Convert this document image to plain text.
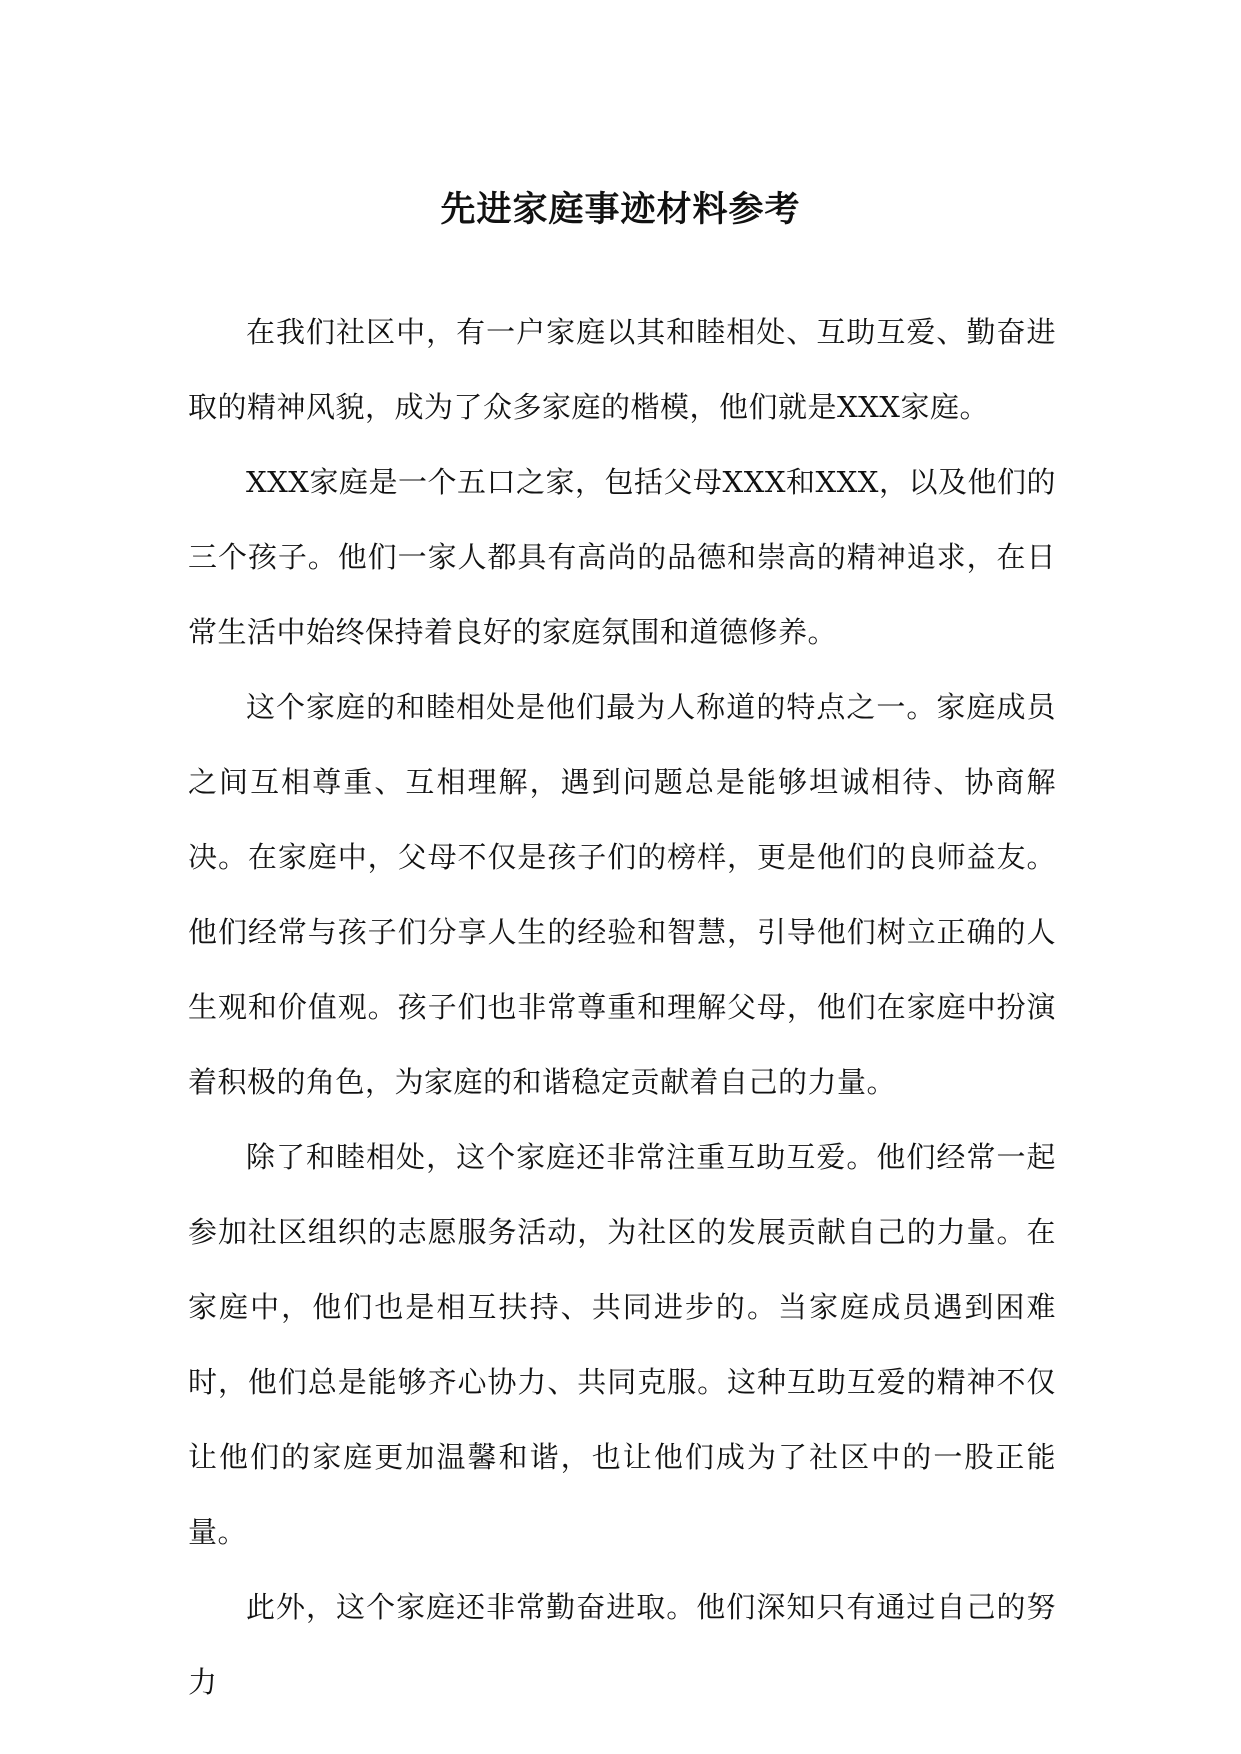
先进家庭事迹材料参考

在我们社区中，有一户家庭以其和睦相处、互助互爱、勤奋进取的精神风貌，成为了众多家庭的楷模，他们就是XXX家庭。

XXX家庭是一个五口之家，包括父母XXX和XXX，以及他们的三个孩子。他们一家人都具有高尚的品德和崇高的精神追求，在日常生活中始终保持着良好的家庭氛围和道德修养。

这个家庭的和睦相处是他们最为人称道的特点之一。家庭成员之间互相尊重、互相理解，遇到问题总是能够坦诚相待、协商解决。在家庭中，父母不仅是孩子们的榜样，更是他们的良师益友。他们经常与孩子们分享人生的经验和智慧，引导他们树立正确的人生观和价值观。孩子们也非常尊重和理解父母，他们在家庭中扮演着积极的角色，为家庭的和谐稳定贡献着自己的力量。

除了和睦相处，这个家庭还非常注重互助互爱。他们经常一起参加社区组织的志愿服务活动，为社区的发展贡献自己的力量。在家庭中，他们也是相互扶持、共同进步的。当家庭成员遇到困难时，他们总是能够齐心协力、共同克服。这种互助互爱的精神不仅让他们的家庭更加温馨和谐，也让他们成为了社区中的一股正能量。

此外，这个家庭还非常勤奋进取。他们深知只有通过自己的努力
